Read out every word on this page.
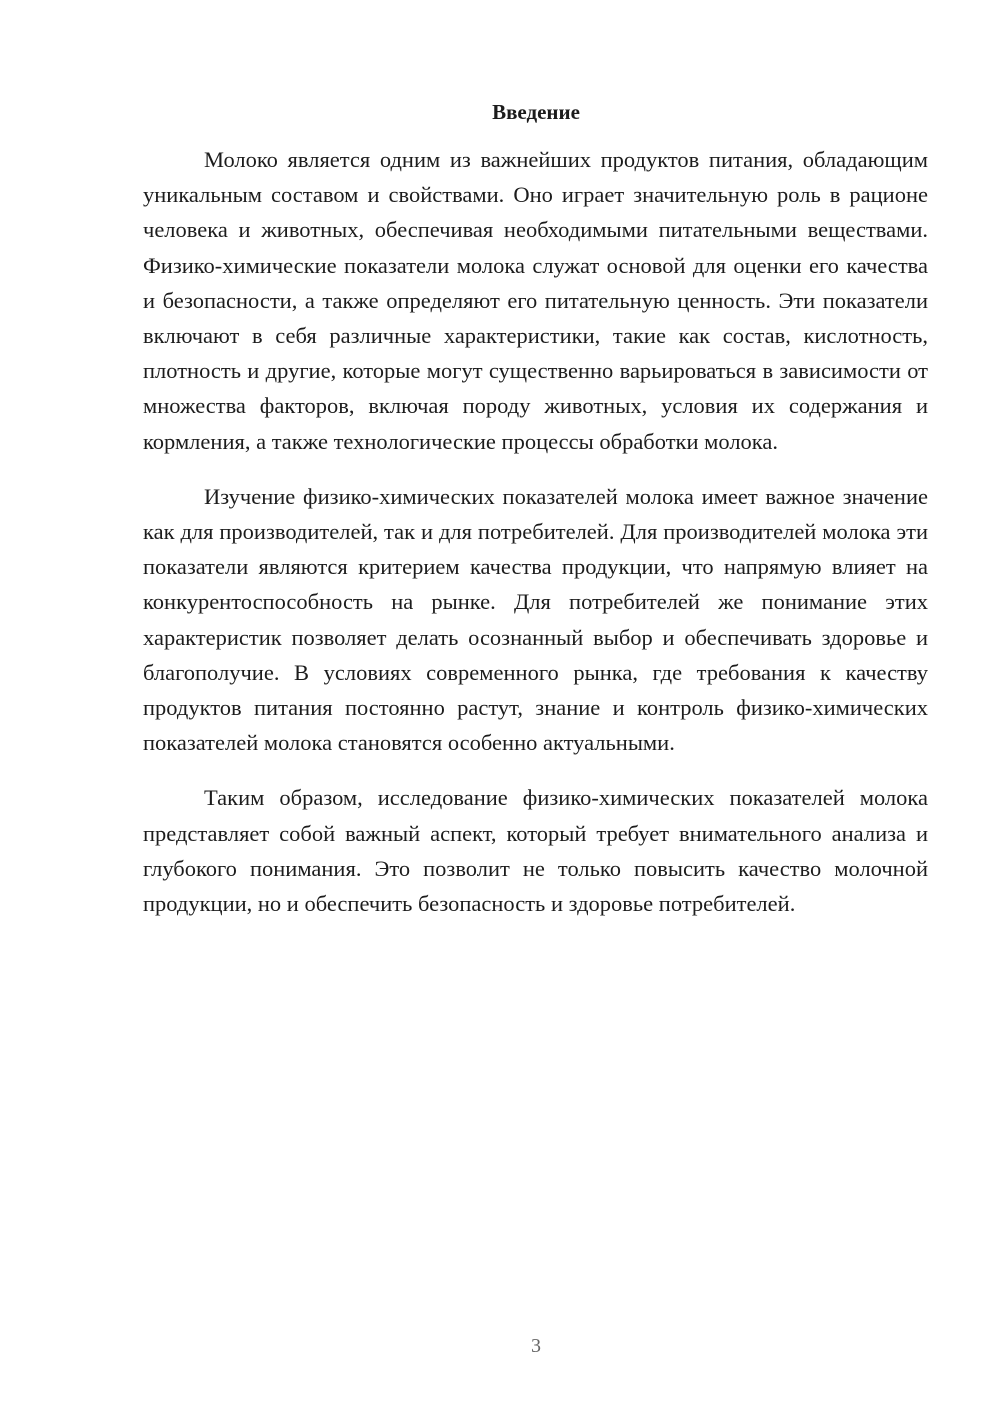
Введение

Молоко является одним из важнейших продуктов питания, обладающим уникальным составом и свойствами. Оно играет значительную роль в рационе человека и животных, обеспечивая необходимыми питательными веществами. Физико-химические показатели молока служат основой для оценки его качества и безопасности, а также определяют его питательную ценность. Эти показатели включают в себя различные характеристики, такие как состав, кислотность, плотность и другие, которые могут существенно варьироваться в зависимости от множества факторов, включая породу животных, условия их содержания и кормления, а также технологические процессы обработки молока.

Изучение физико-химических показателей молока имеет важное значение как для производителей, так и для потребителей. Для производителей молока эти показатели являются критерием качества продукции, что напрямую влияет на конкурентоспособность на рынке. Для потребителей же понимание этих характеристик позволяет делать осознанный выбор и обеспечивать здоровье и благополучие. В условиях современного рынка, где требования к качеству продуктов питания постоянно растут, знание и контроль физико-химических показателей молока становятся особенно актуальными.

Таким образом, исследование физико-химических показателей молока представляет собой важный аспект, который требует внимательного анализа и глубокого понимания. Это позволит не только повысить качество молочной продукции, но и обеспечить безопасность и здоровье потребителей.

3
